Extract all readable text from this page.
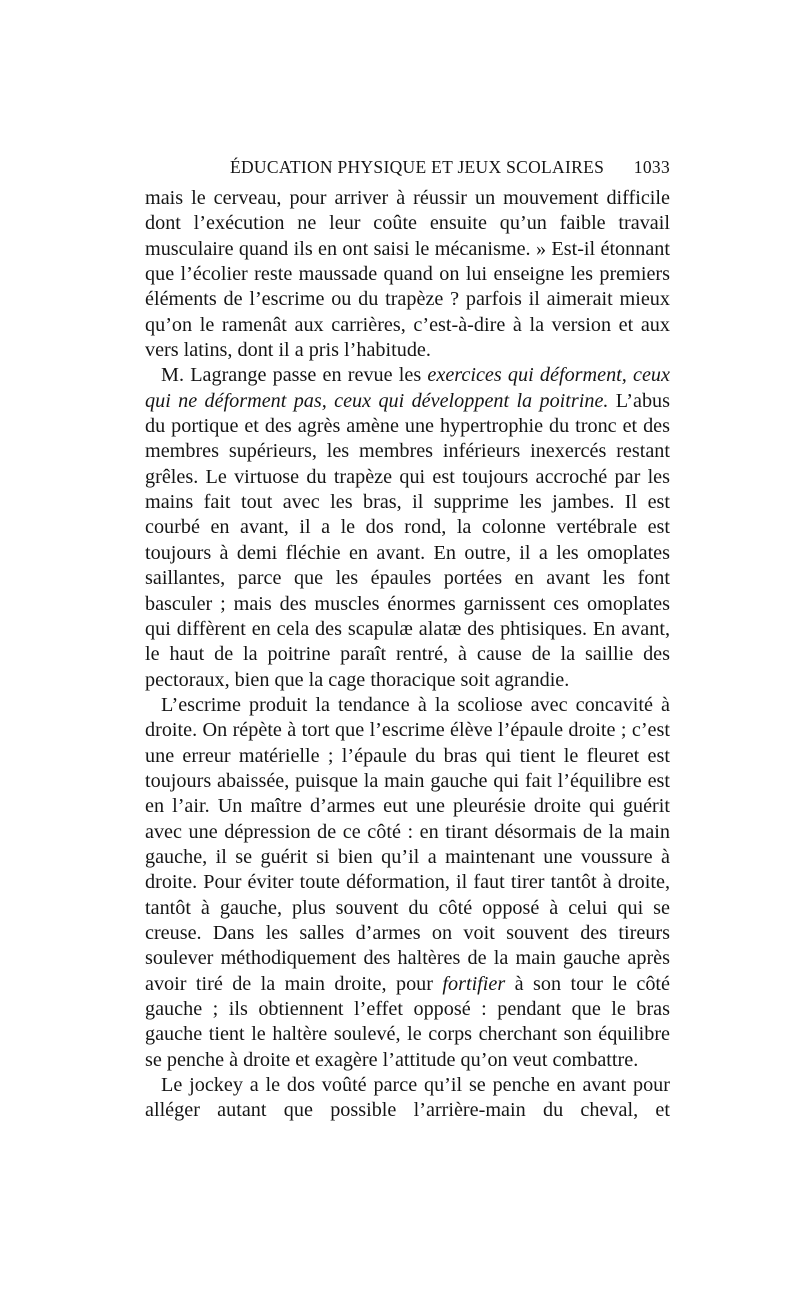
ÉDUCATION PHYSIQUE ET JEUX SCOLAIRES 1033

mais le cerveau, pour arriver à réussir un mouvement difficile dont l’exécution ne leur coûte ensuite qu’un faible travail musculaire quand ils en ont saisi le mécanisme. » Est-il étonnant que l’écolier reste maussade quand on lui enseigne les premiers éléments de l’escrime ou du trapèze ? parfois il aimerait mieux qu’on le ramenât aux carrières, c’est-à-dire à la version et aux vers latins, dont il a pris l’habitude.

M. Lagrange passe en revue les exercices qui déforment, ceux qui ne déforment pas, ceux qui développent la poitrine. L’abus du portique et des agrès amène une hypertrophie du tronc et des membres supérieurs, les membres inférieurs inexercés restant grêles. Le virtuose du trapèze qui est toujours accroché par les mains fait tout avec les bras, il supprime les jambes. Il est courbé en avant, il a le dos rond, la colonne vertébrale est toujours à demi fléchie en avant. En outre, il a les omoplates saillantes, parce que les épaules portées en avant les font basculer ; mais des muscles énormes garnissent ces omoplates qui diffèrent en cela des scapulæ alatæ des phtisiques. En avant, le haut de la poitrine paraît rentré, à cause de la saillie des pectoraux, bien que la cage thoracique soit agrandie.

L’escrime produit la tendance à la scoliose avec concavité à droite. On répète à tort que l’escrime élève l’épaule droite ; c’est une erreur matérielle ; l’épaule du bras qui tient le fleuret est toujours abaissée, puisque la main gauche qui fait l’équilibre est en l’air. Un maître d’armes eut une pleurésie droite qui guérit avec une dépression de ce côté : en tirant désormais de la main gauche, il se guérit si bien qu’il a maintenant une voussure à droite. Pour éviter toute déformation, il faut tirer tantôt à droite, tantôt à gauche, plus souvent du côté opposé à celui qui se creuse. Dans les salles d’armes on voit souvent des tireurs soulever méthodiquement des haltères de la main gauche après avoir tiré de la main droite, pour fortifier à son tour le côté gauche ; ils obtiennent l’effet opposé : pendant que le bras gauche tient le haltère soulevé, le corps cherchant son équilibre se penche à droite et exagère l’attitude qu’on veut combattre.

Le jockey a le dos voûté parce qu’il se penche en avant pour alléger autant que possible l’arrière-main du cheval, et
